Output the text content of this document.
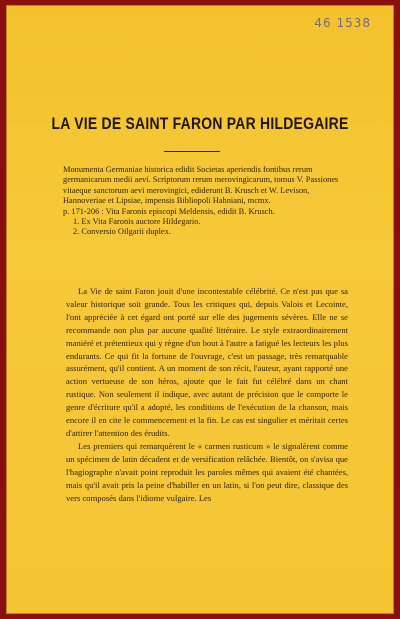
46 1538
LA VIE DE SAINT FARON PAR HILDEGAIRE

Monumenta Germaniae historica edidit Societas aperiendis fontibus rerum germanicarum medii aevi. Scriptorum rerum merovingicarum, tomus V. Passiones vitaeque sanctorum aevi merovingici, ediderunt B. Krusch et W. Levison, Hannoveriae et Lipsiae, impensis Bibliopoli Hahniani, mcmx.

p. 171-206 : Vita Faronis episcopi Meldensis, edidit B. Krusch.

1. Ex Vita Faronis auctore Hildegario.

2. Conversio Oilgarii duplex.

La Vie de saint Faron jouit d'une incontestable célébrité. Ce n'est pas que sa valeur historique soit grande. Tous les critiques qui, depuis Valois et Lecointe, l'ont appréciée à cet égard ont porté sur elle des jugements sévères. Elle ne se recommande non plus par aucune qualité littéraire. Le style extraordinairement maniéré et prétentieux qui y règne d'un bout à l'autre a fatigué les lecteurs les plus endurants. Ce qui fit la fortune de l'ouvrage, c'est un passage, très remarquable assurément, qu'il contient. A un moment de son récit, l'auteur, ayant rapporté une action vertueuse de son héros, ajoute que le fait fut célébré dans un chant rustique. Non seulement il indique, avec autant de précision que le comporte le genre d'écriture qu'il a adopté, les conditions de l'exécution de la chanson, mais encore il en cite le commencement et la fin. Le cas est singulier et méritait certes d'attirer l'attention des érudits.

Les premiers qui remarquèrent le « carmen rusticum » le signalèrent comme un spécimen de latin décadent et de versification relâchée. Bientôt, on s'avisa que l'hagiographe n'avait point reproduit les paroles mêmes qui avaient été chantées, mais qu'il avait pris la peine d'habiller en un latin, si l'on peut dire, classique des vers composés dans l'idiome vulgaire. Les
